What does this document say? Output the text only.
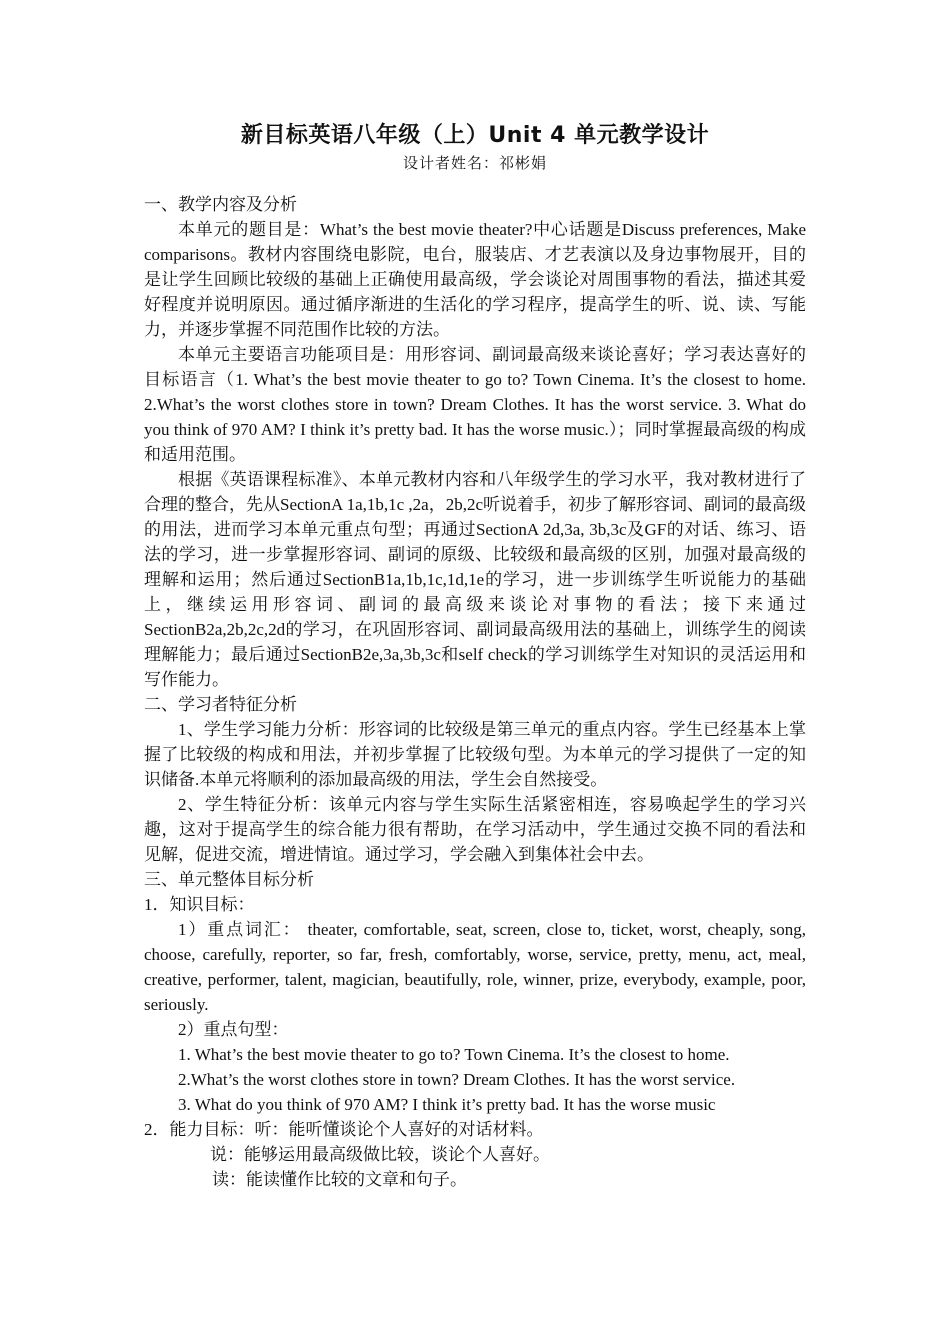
新目标英语八年级（上）Unit 4 单元教学设计

设计者姓名：祁彬娟

一、教学内容及分析

本单元的题目是：What’s the best movie theater?中心话题是Discuss preferences, Make comparisons。教材内容围绕电影院，电台，服装店、才艺表演以及身边事物展开，目的是让学生回顾比较级的基础上正确使用最高级，学会谈论对周围事物的看法，描述其爱好程度并说明原因。通过循序渐进的生活化的学习程序，提高学生的听、说、读、写能力，并逐步掌握不同范围作比较的方法。

本单元主要语言功能项目是：用形容词、副词最高级来谈论喜好；学习表达喜好的目标语言（1. What’s the best movie theater to go to? Town Cinema. It’s the closest to home. 2.What’s the worst clothes store in town? Dream Clothes. It has the worst service. 3. What do you think of 970 AM? I think it’s pretty bad. It has the worse music.）；同时掌握最高级的构成和适用范围。

根据《英语课程标准》、本单元教材内容和八年级学生的学习水平，我对教材进行了合理的整合，先从SectionA 1a,1b,1c ,2a，2b,2c听说着手，初步了解形容词、副词的最高级的用法，进而学习本单元重点句型；再通过SectionA 2d,3a, 3b,3c及GF的对话、练习、语法的学习，进一步掌握形容词、副词的原级、比较级和最高级的区别，加强对最高级的理解和运用；然后通过SectionB1a,1b,1c,1d,1e的学习，进一步训练学生听说能力的基础上，继续运用形容词、副词的最高级来谈论对事物的看法；接下来通过SectionB2a,2b,2c,2d的学习，在巩固形容词、副词最高级用法的基础上，训练学生的阅读理解能力；最后通过SectionB2e,3a,3b,3c和self check的学习训练学生对知识的灵活运用和写作能力。

二、学习者特征分析

1、学生学习能力分析：形容词的比较级是第三单元的重点内容。学生已经基本上掌握了比较级的构成和用法，并初步掌握了比较级句型。为本单元的学习提供了一定的知识储备.本单元将顺利的添加最高级的用法，学生会自然接受。

2、学生特征分析：该单元内容与学生实际生活紧密相连，容易唤起学生的学习兴趣，这对于提高学生的综合能力很有帮助，在学习活动中，学生通过交换不同的看法和见解，促进交流，增进情谊。通过学习，学会融入到集体社会中去。

三、单元整体目标分析

1．知识目标：

1）重点词汇： theater, comfortable, seat, screen, close to, ticket, worst, cheaply, song, choose, carefully, reporter, so far, fresh, comfortably, worse, service, pretty, menu, act, meal, creative, performer, talent, magician, beautifully, role, winner, prize, everybody, example, poor, seriously.

2）重点句型：

1. What’s the best movie theater to go to? Town Cinema. It’s the closest to home.

2.What’s the worst clothes store in town? Dream Clothes. It has the worst service.

3. What do you think of 970 AM? I think it’s pretty bad. It has the worse music

2．能力目标：听：能听懂谈论个人喜好的对话材料。

说：能够运用最高级做比较，谈论个人喜好。

读：能读懂作比较的文章和句子。
